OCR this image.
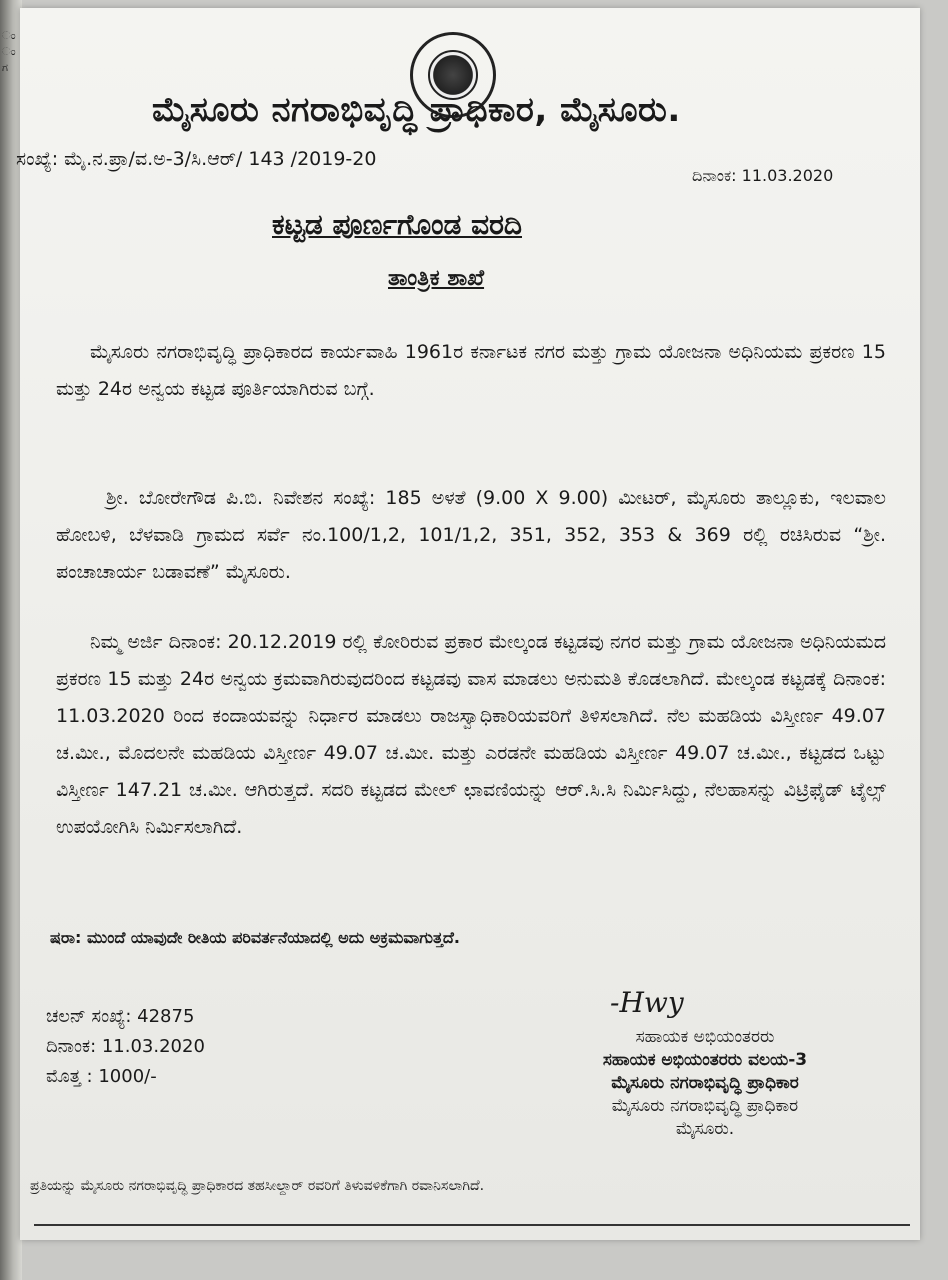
ಂ
ಂ
ಗ
ಮೈಸೂರು ನಗರಾಭಿವೃದ್ಧಿ ಪ್ರಾಧಿಕಾರ, ಮೈಸೂರು.
ಸಂಖ್ಯೆ: ಮೈ.ನ.ಪ್ರಾ/ವ.ಅ-3/ಸಿ.ಆರ್/ 143 /2019-20
ದಿನಾಂಕ: 11.03.2020
ಕಟ್ಟಡ ಪೂರ್ಣಗೊಂಡ ವರದಿ
ತಾಂತ್ರಿಕ ಶಾಖೆ
ಮೈಸೂರು ನಗರಾಭಿವೃದ್ಧಿ ಪ್ರಾಧಿಕಾರದ ಕಾರ್ಯವಾಹಿ 1961ರ ಕರ್ನಾಟಕ ನಗರ ಮತ್ತು ಗ್ರಾಮ ಯೋಜನಾ ಅಧಿನಿಯಮ ಪ್ರಕರಣ 15 ಮತ್ತು 24ರ ಅನ್ವಯ ಕಟ್ಟಡ ಪೂರ್ತಿಯಾಗಿರುವ ಬಗ್ಗೆ.
ಶ್ರೀ. ಬೋರೇಗೌಡ ಪಿ.ಬಿ. ನಿವೇಶನ ಸಂಖ್ಯೆ: 185 ಅಳತೆ (9.00 X 9.00) ಮೀಟರ್, ಮೈಸೂರು ತಾಲ್ಲೂಕು, ಇಲವಾಲ ಹೋಬಳಿ, ಬೆಳವಾಡಿ ಗ್ರಾಮದ ಸರ್ವೆ ನಂ.100/1,2, 101/1,2, 351, 352, 353 & 369 ರಲ್ಲಿ ರಚಿಸಿರುವ “ಶ್ರೀ. ಪಂಚಾಚಾರ್ಯ ಬಡಾವಣೆ” ಮೈಸೂರು.
ನಿಮ್ಮ ಅರ್ಜಿ ದಿನಾಂಕ: 20.12.2019 ರಲ್ಲಿ ಕೋರಿರುವ ಪ್ರಕಾರ ಮೇಲ್ಕಂಡ ಕಟ್ಟಡವು ನಗರ ಮತ್ತು ಗ್ರಾಮ ಯೋಜನಾ ಅಧಿನಿಯಮದ ಪ್ರಕರಣ 15 ಮತ್ತು 24ರ ಅನ್ವಯ ಕ್ರಮವಾಗಿರುವುದರಿಂದ ಕಟ್ಟಡವು ವಾಸ ಮಾಡಲು ಅನುಮತಿ ಕೊಡಲಾಗಿದೆ. ಮೇಲ್ಕಂಡ ಕಟ್ಟಡಕ್ಕೆ ದಿನಾಂಕ: 11.03.2020 ರಿಂದ ಕಂದಾಯವನ್ನು ನಿರ್ಧಾರ ಮಾಡಲು ರಾಜಸ್ವಾಧಿಕಾರಿಯವರಿಗೆ ತಿಳಿಸಲಾಗಿದೆ. ನೆಲ ಮಹಡಿಯ ವಿಸ್ತೀರ್ಣ 49.07 ಚ.ಮೀ., ಮೊದಲನೇ ಮಹಡಿಯ ವಿಸ್ತೀರ್ಣ 49.07 ಚ.ಮೀ. ಮತ್ತು ಎರಡನೇ ಮಹಡಿಯ ವಿಸ್ತೀರ್ಣ 49.07 ಚ.ಮೀ., ಕಟ್ಟಡದ ಒಟ್ಟು ವಿಸ್ತೀರ್ಣ 147.21 ಚ.ಮೀ. ಆಗಿರುತ್ತದೆ. ಸದರಿ ಕಟ್ಟಡದ ಮೇಲ್ ಛಾವಣಿಯನ್ನು ಆರ್.ಸಿ.ಸಿ ನಿರ್ಮಿಸಿದ್ದು, ನೆಲಹಾಸನ್ನು ವಿಟ್ರಿಫೈಡ್ ಟೈಲ್ಸ್ ಉಪಯೋಗಿಸಿ ನಿರ್ಮಿಸಲಾಗಿದೆ.
ಷರಾ: ಮುಂದೆ ಯಾವುದೇ ರೀತಿಯ ಪರಿವರ್ತನೆಯಾದಲ್ಲಿ ಅದು ಅಕ್ರಮವಾಗುತ್ತದೆ.
ಚಲನ್ ಸಂಖ್ಯೆ: 42875
ದಿನಾಂಕ: 11.03.2020
ಮೊತ್ತ : 1000/-
-Hwy
ಸಹಾಯಕ ಅಭಿಯಂತರರು
ಸಹಾಯಕ ಅಭಿಯಂತರರು ವಲಯ-3
ಮೈಸೂರು ನಗರಾಭಿವೃದ್ಧಿ ಪ್ರಾಧಿಕಾರ
ಮೈಸೂರು ನಗರಾಭಿವೃದ್ಧಿ ಪ್ರಾಧಿಕಾರ
ಮೈಸೂರು.
ಪ್ರತಿಯನ್ನು ಮೈಸೂರು ನಗರಾಭಿವೃದ್ಧಿ ಪ್ರಾಧಿಕಾರದ ತಹಸೀಲ್ದಾರ್ ರವರಿಗೆ ತಿಳುವಳಿಕೆಗಾಗಿ ರವಾನಿಸಲಾಗಿದೆ.
